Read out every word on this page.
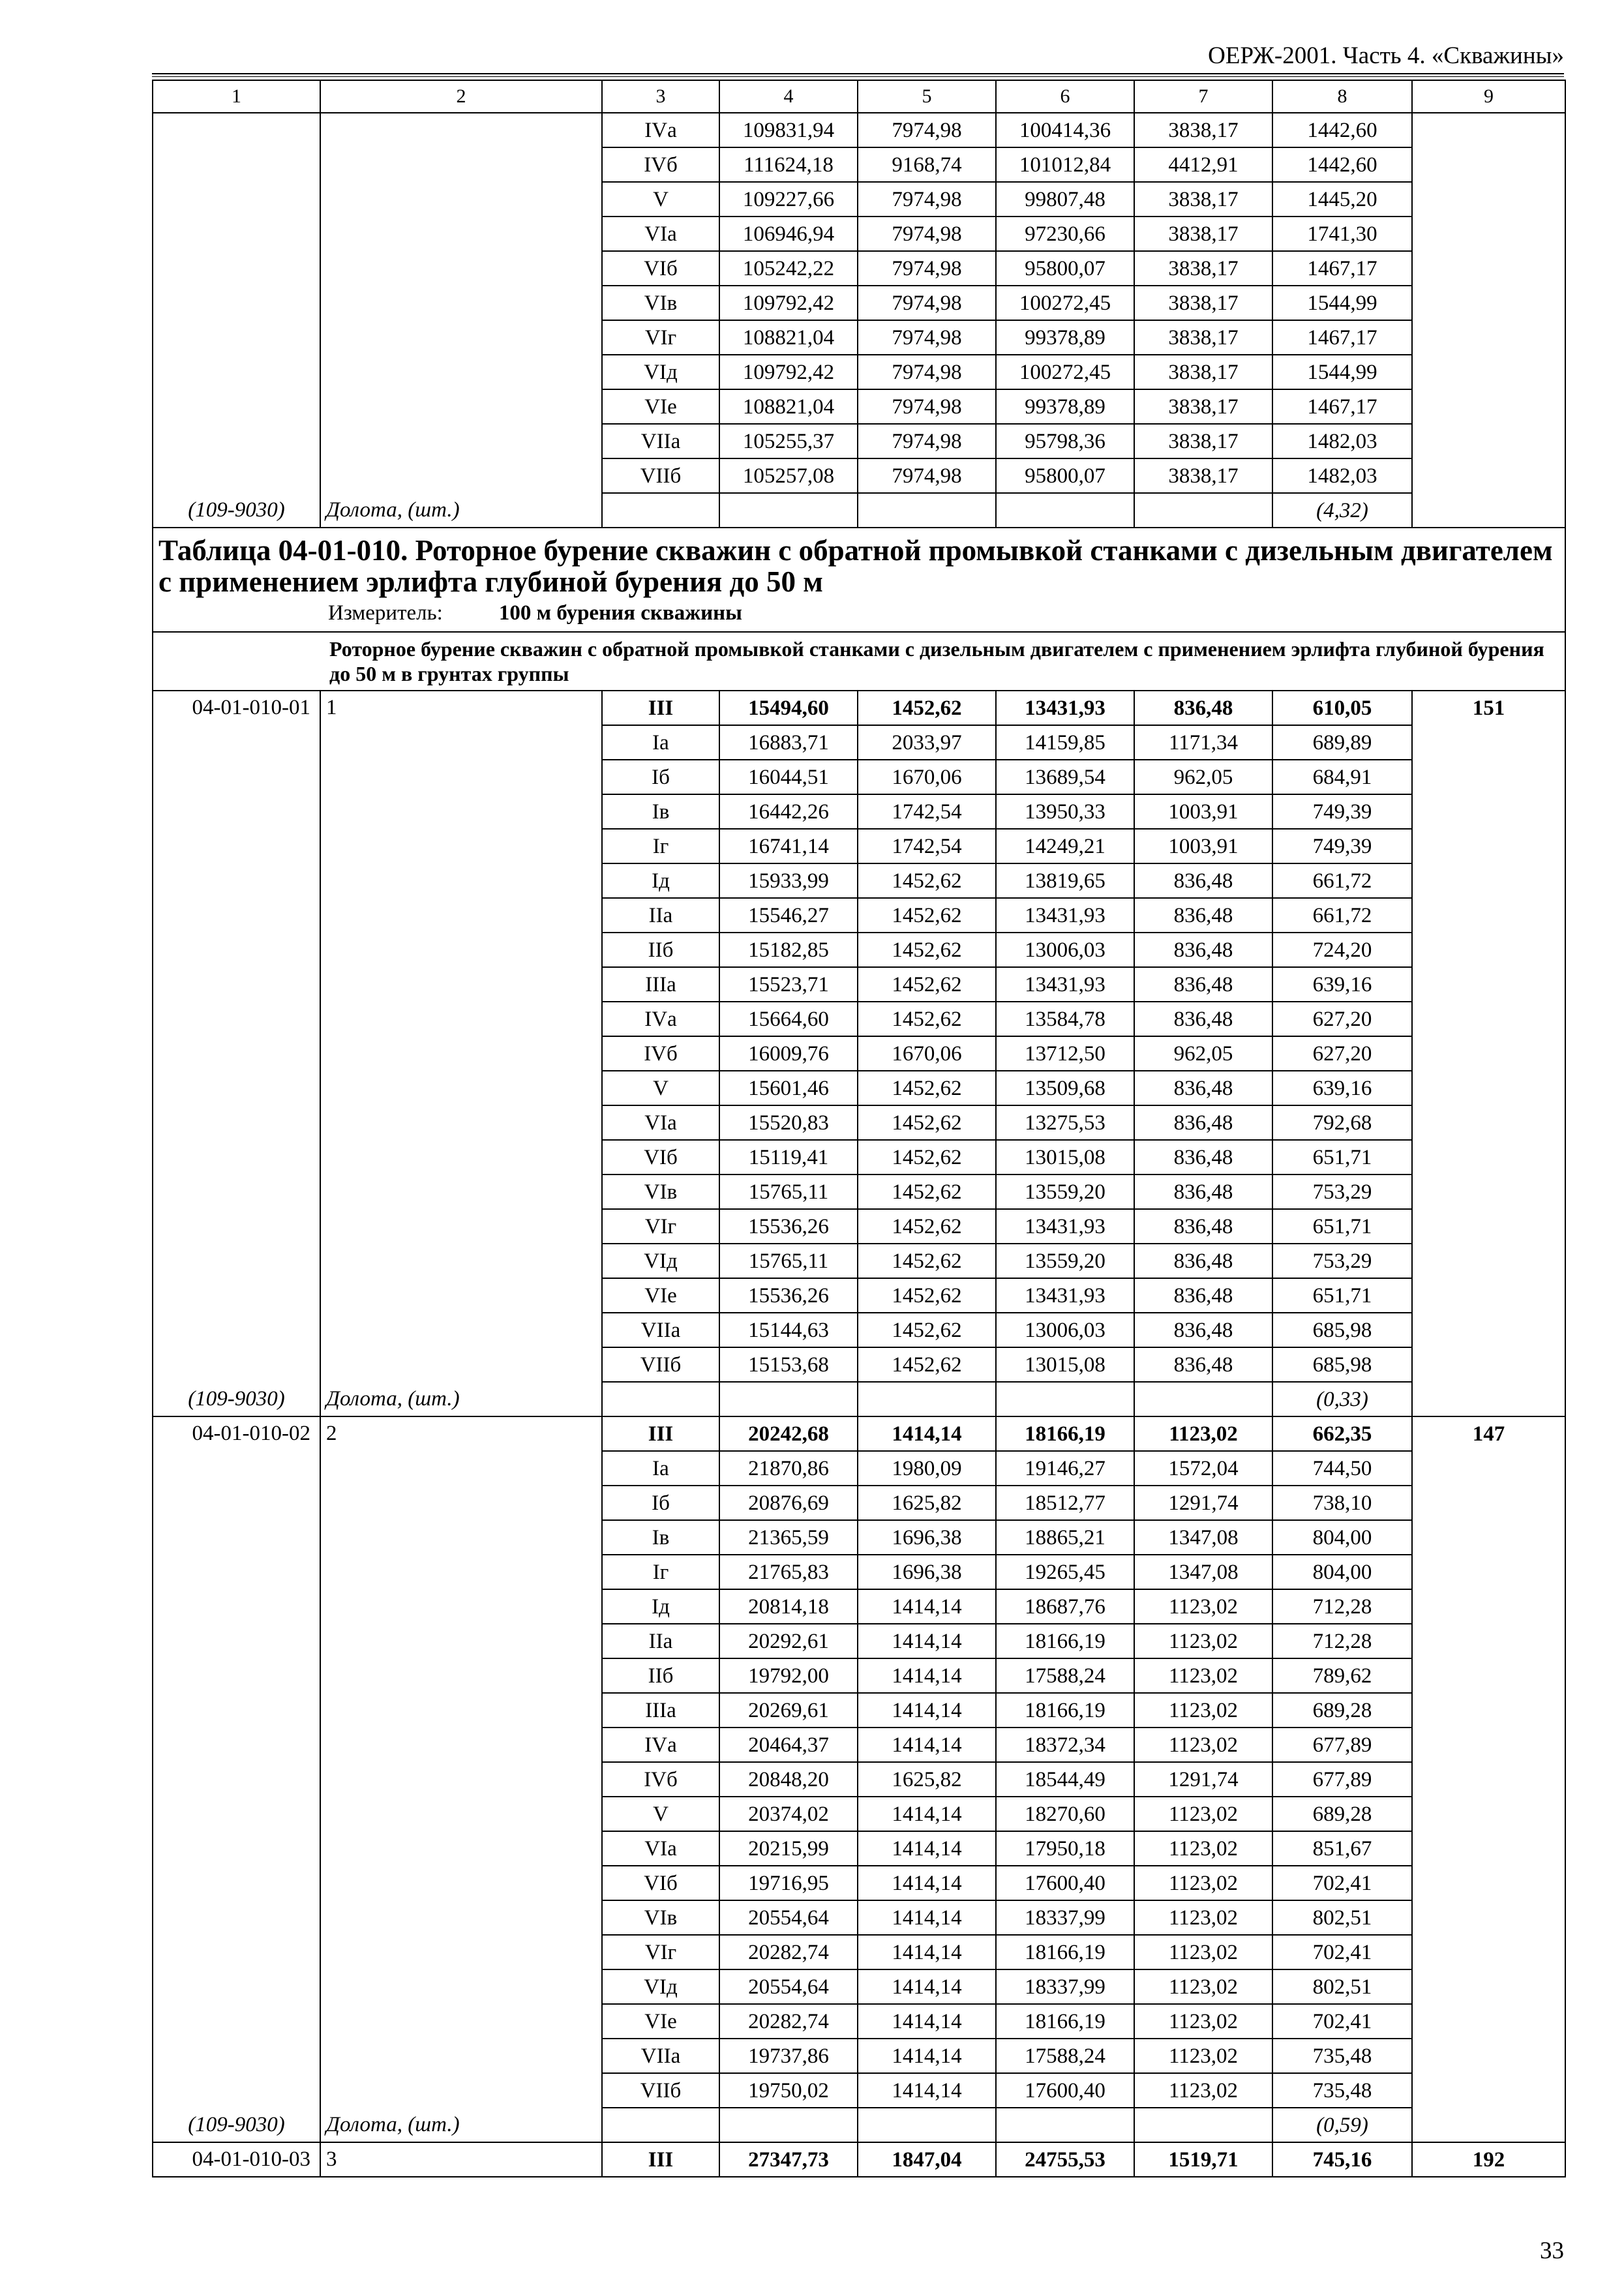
ОЕРЖ-2001. Часть 4. «Скважины»
1	2	3	4	5	6	7	8	9
		IVа	109831,94	7974,98	100414,36	3838,17	1442,60	
		IVб	111624,18	9168,74	101012,84	4412,91	1442,60	
		V	109227,66	7974,98	99807,48	3838,17	1445,20	
		VIа	106946,94	7974,98	97230,66	3838,17	1741,30	
		VIб	105242,22	7974,98	95800,07	3838,17	1467,17	
		VIв	109792,42	7974,98	100272,45	3838,17	1544,99	
		VIг	108821,04	7974,98	99378,89	3838,17	1467,17	
		VIд	109792,42	7974,98	100272,45	3838,17	1544,99	
		VIе	108821,04	7974,98	99378,89	3838,17	1467,17	
		VIIа	105255,37	7974,98	95798,36	3838,17	1482,03	
		VIIб	105257,08	7974,98	95800,07	3838,17	1482,03	
(109-9030)	Долота, (шт.)						(4,32)	

Таблица 04-01-010. Роторное бурение скважин с обратной промывкой станками с дизельным двигателем с применением эрлифта глубиной бурения до 50 м
Измеритель: 100 м бурения скважины								

Роторное бурение скважин с обратной промывкой станками с дизельным двигателем с применением эрлифта глубиной бурения до 50 м в грунтах группы								
04-01-010-01	1	III	15494,60	1452,62	13431,93	836,48	610,05	151
		Iа	16883,71	2033,97	14159,85	1171,34	689,89	
		Iб	16044,51	1670,06	13689,54	962,05	684,91	
		Iв	16442,26	1742,54	13950,33	1003,91	749,39	
		Iг	16741,14	1742,54	14249,21	1003,91	749,39	
		Iд	15933,99	1452,62	13819,65	836,48	661,72	
		IIа	15546,27	1452,62	13431,93	836,48	661,72	
		IIб	15182,85	1452,62	13006,03	836,48	724,20	
		IIIа	15523,71	1452,62	13431,93	836,48	639,16	
		IVа	15664,60	1452,62	13584,78	836,48	627,20	
		IVб	16009,76	1670,06	13712,50	962,05	627,20	
		V	15601,46	1452,62	13509,68	836,48	639,16	
		VIа	15520,83	1452,62	13275,53	836,48	792,68	
		VIб	15119,41	1452,62	13015,08	836,48	651,71	
		VIв	15765,11	1452,62	13559,20	836,48	753,29	
		VIг	15536,26	1452,62	13431,93	836,48	651,71	
		VIд	15765,11	1452,62	13559,20	836,48	753,29	
		VIе	15536,26	1452,62	13431,93	836,48	651,71	
		VIIа	15144,63	1452,62	13006,03	836,48	685,98	
		VIIб	15153,68	1452,62	13015,08	836,48	685,98	
(109-9030)	Долота, (шт.)						(0,33)	
04-01-010-02	2	III	20242,68	1414,14	18166,19	1123,02	662,35	147
		Iа	21870,86	1980,09	19146,27	1572,04	744,50	
		Iб	20876,69	1625,82	18512,77	1291,74	738,10	
		Iв	21365,59	1696,38	18865,21	1347,08	804,00	
		Iг	21765,83	1696,38	19265,45	1347,08	804,00	
		Iд	20814,18	1414,14	18687,76	1123,02	712,28	
		IIа	20292,61	1414,14	18166,19	1123,02	712,28	
		IIб	19792,00	1414,14	17588,24	1123,02	789,62	
		IIIа	20269,61	1414,14	18166,19	1123,02	689,28	
		IVа	20464,37	1414,14	18372,34	1123,02	677,89	
		IVб	20848,20	1625,82	18544,49	1291,74	677,89	
		V	20374,02	1414,14	18270,60	1123,02	689,28	
		VIа	20215,99	1414,14	17950,18	1123,02	851,67	
		VIб	19716,95	1414,14	17600,40	1123,02	702,41	
		VIв	20554,64	1414,14	18337,99	1123,02	802,51	
		VIг	20282,74	1414,14	18166,19	1123,02	702,41	
		VIд	20554,64	1414,14	18337,99	1123,02	802,51	
		VIе	20282,74	1414,14	18166,19	1123,02	702,41	
		VIIа	19737,86	1414,14	17588,24	1123,02	735,48	
		VIIб	19750,02	1414,14	17600,40	1123,02	735,48	
(109-9030)	Долота, (шт.)						(0,59)	
04-01-010-03	3	III	27347,73	1847,04	24755,53	1519,71	745,16	192
33
